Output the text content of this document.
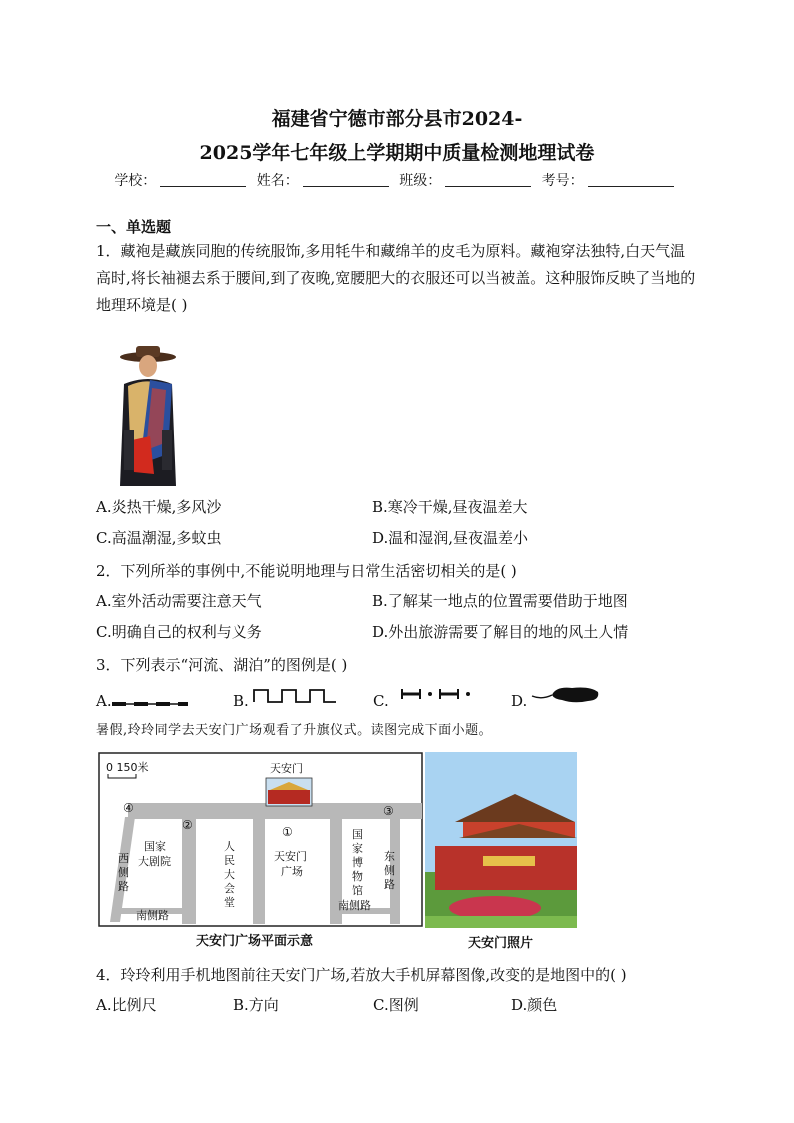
福建省宁德市部分县市2024-
2025学年七年级上学期期中质量检测地理试卷
学校：	姓名：	班级：	考号：
一、单选题
1．藏袍是藏族同胞的传统服饰,多用牦牛和藏绵羊的皮毛为原料。藏袍穿法独特,白天气温高时,将长袖褪去系于腰间,到了夜晚,宽腰肥大的衣服还可以当被盖。这种服饰反映了当地的地理环境是( )
A.炎热干燥,多风沙	B.寒冷干燥,昼夜温差大
C.高温潮湿,多蚊虫	D.温和湿润,昼夜温差小
2．下列所举的事例中,不能说明地理与日常生活密切相关的是( )
A.室外活动需要注意天气	B.了解某一地点的位置需要借助于地图
C.明确自己的权利与义务	D.外出旅游需要了解目的地的风土人情
3．下列表示“河流、湖泊”的图例是( )
A.	B.	C.	D.
暑假,玲玲同学去天安门广场观看了升旗仪式。读图完成下面小题。
0 150米	天安门
④
②
③
①
国家 大剧院
西侧路
人民大会堂
天安门 广场
国家博物馆
东侧路
南侧路
南侧路
天安门广场平面示意	天安门照片
4．玲玲利用手机地图前往天安门广场,若放大手机屏幕图像,改变的是地图中的( )
A.比例尺	B.方向	C.图例	D.颜色
